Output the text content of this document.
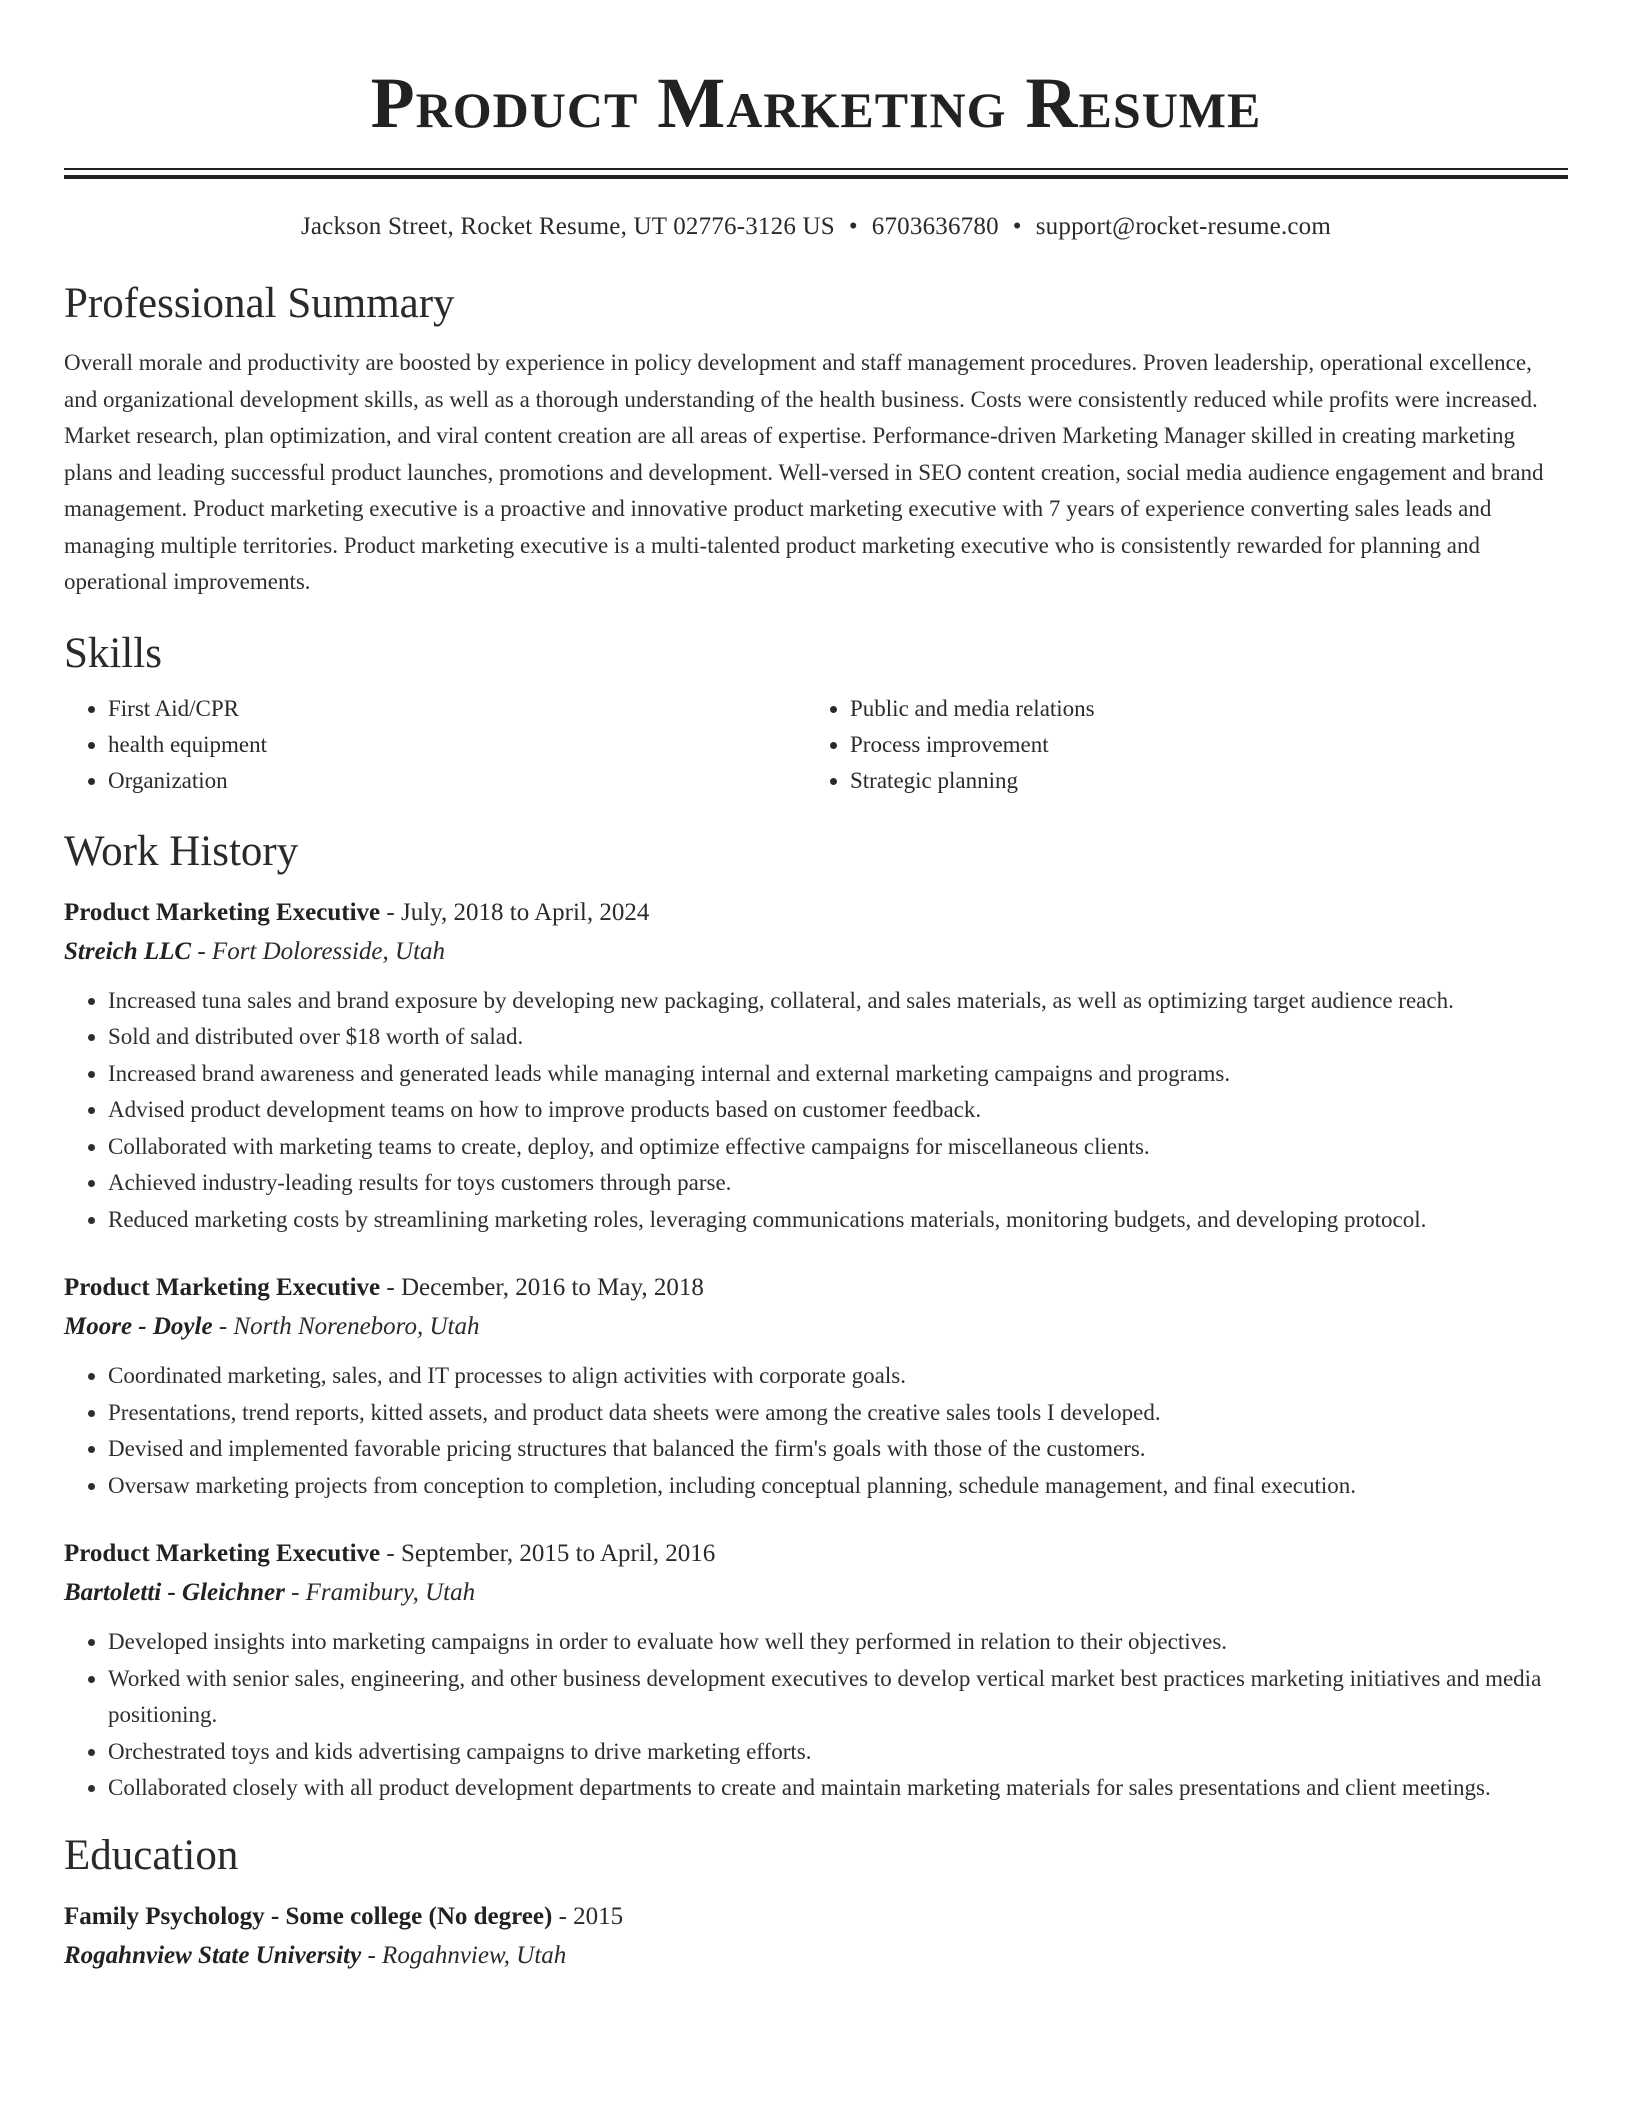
Product Marketing Resume
Jackson Street, Rocket Resume, UT 02776-3126 US • 6703636780 • support@rocket-resume.com
Professional Summary

Overall morale and productivity are boosted by experience in policy development and staff management procedures. Proven leadership, operational excellence, and organizational development skills, as well as a thorough understanding of the health business. Costs were consistently reduced while profits were increased. Market research, plan optimization, and viral content creation are all areas of expertise. Performance-driven Marketing Manager skilled in creating marketing plans and leading successful product launches, promotions and development. Well-versed in SEO content creation, social media audience engagement and brand management. Product marketing executive is a proactive and innovative product marketing executive with 7 years of experience converting sales leads and managing multiple territories. Product marketing executive is a multi-talented product marketing executive who is consistently rewarded for planning and operational improvements.

Skills
• First Aid/CPR
• health equipment
• Organization
• Public and media relations
• Process improvement
• Strategic planning
Work History
Product Marketing Executive - July, 2018 to April, 2024
Streich LLC - Fort Doloresside, Utah
• Increased tuna sales and brand exposure by developing new packaging, collateral, and sales materials, as well as optimizing target audience reach.
• Sold and distributed over $18 worth of salad.
• Increased brand awareness and generated leads while managing internal and external marketing campaigns and programs.
• Advised product development teams on how to improve products based on customer feedback.
• Collaborated with marketing teams to create, deploy, and optimize effective campaigns for miscellaneous clients.
• Achieved industry-leading results for toys customers through parse.
• Reduced marketing costs by streamlining marketing roles, leveraging communications materials, monitoring budgets, and developing protocol.
Product Marketing Executive - December, 2016 to May, 2018
Moore - Doyle - North Noreneboro, Utah
• Coordinated marketing, sales, and IT processes to align activities with corporate goals.
• Presentations, trend reports, kitted assets, and product data sheets were among the creative sales tools I developed.
• Devised and implemented favorable pricing structures that balanced the firm's goals with those of the customers.
• Oversaw marketing projects from conception to completion, including conceptual planning, schedule management, and final execution.
Product Marketing Executive - September, 2015 to April, 2016
Bartoletti - Gleichner - Framibury, Utah
• Developed insights into marketing campaigns in order to evaluate how well they performed in relation to their objectives.
• Worked with senior sales, engineering, and other business development executives to develop vertical market best practices marketing initiatives and media positioning.
• Orchestrated toys and kids advertising campaigns to drive marketing efforts.
• Collaborated closely with all product development departments to create and maintain marketing materials for sales presentations and client meetings.
Education
Family Psychology - Some college (No degree) - 2015
Rogahnview State University - Rogahnview, Utah
